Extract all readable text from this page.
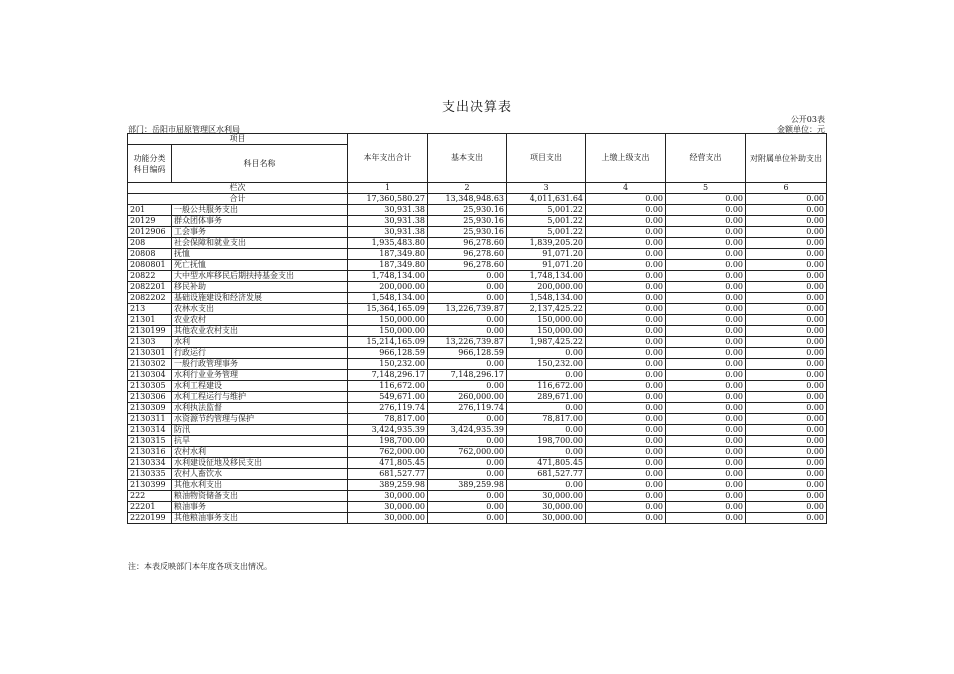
支出决算表
公开03表
部门：岳阳市屈原管理区水利局	金额单位：元
项目		本年支出合计	基本支出	项目支出	上缴上级支出	经营支出	对附属单位补助支出
功能分类科目编码	科目名称						
栏次		1	2	3	4	5	6
合计		17,360,580.27	13,348,948.63	4,011,631.64	0.00	0.00	0.00
201	一般公共服务支出	30,931.38	25,930.16	5,001.22	0.00	0.00	0.00
20129	群众团体事务	30,931.38	25,930.16	5,001.22	0.00	0.00	0.00
2012906	工会事务	30,931.38	25,930.16	5,001.22	0.00	0.00	0.00
208	社会保障和就业支出	1,935,483.80	96,278.60	1,839,205.20	0.00	0.00	0.00
20808	抚恤	187,349.80	96,278.60	91,071.20	0.00	0.00	0.00
2080801	死亡抚恤	187,349.80	96,278.60	91,071.20	0.00	0.00	0.00
20822	大中型水库移民后期扶持基金支出	1,748,134.00	0.00	1,748,134.00	0.00	0.00	0.00
2082201	移民补助	200,000.00	0.00	200,000.00	0.00	0.00	0.00
2082202	基础设施建设和经济发展	1,548,134.00	0.00	1,548,134.00	0.00	0.00	0.00
213	农林水支出	15,364,165.09	13,226,739.87	2,137,425.22	0.00	0.00	0.00
21301	农业农村	150,000.00	0.00	150,000.00	0.00	0.00	0.00
2130199	其他农业农村支出	150,000.00	0.00	150,000.00	0.00	0.00	0.00
21303	水利	15,214,165.09	13,226,739.87	1,987,425.22	0.00	0.00	0.00
2130301	行政运行	966,128.59	966,128.59	0.00	0.00	0.00	0.00
2130302	一般行政管理事务	150,232.00	0.00	150,232.00	0.00	0.00	0.00
2130304	水利行业业务管理	7,148,296.17	7,148,296.17	0.00	0.00	0.00	0.00
2130305	水利工程建设	116,672.00	0.00	116,672.00	0.00	0.00	0.00
2130306	水利工程运行与维护	549,671.00	260,000.00	289,671.00	0.00	0.00	0.00
2130309	水利执法监督	276,119.74	276,119.74	0.00	0.00	0.00	0.00
2130311	水资源节约管理与保护	78,817.00	0.00	78,817.00	0.00	0.00	0.00
2130314	防汛	3,424,935.39	3,424,935.39	0.00	0.00	0.00	0.00
2130315	抗旱	198,700.00	0.00	198,700.00	0.00	0.00	0.00
2130316	农村水利	762,000.00	762,000.00	0.00	0.00	0.00	0.00
2130334	水利建设征地及移民支出	471,805.45	0.00	471,805.45	0.00	0.00	0.00
2130335	农村人畜饮水	681,527.77	0.00	681,527.77	0.00	0.00	0.00
2130399	其他水利支出	389,259.98	389,259.98	0.00	0.00	0.00	0.00
222	粮油物资储备支出	30,000.00	0.00	30,000.00	0.00	0.00	0.00
22201	粮油事务	30,000.00	0.00	30,000.00	0.00	0.00	0.00
2220199	其他粮油事务支出	30,000.00	0.00	30,000.00	0.00	0.00	0.00
注：本表反映部门本年度各项支出情况。
